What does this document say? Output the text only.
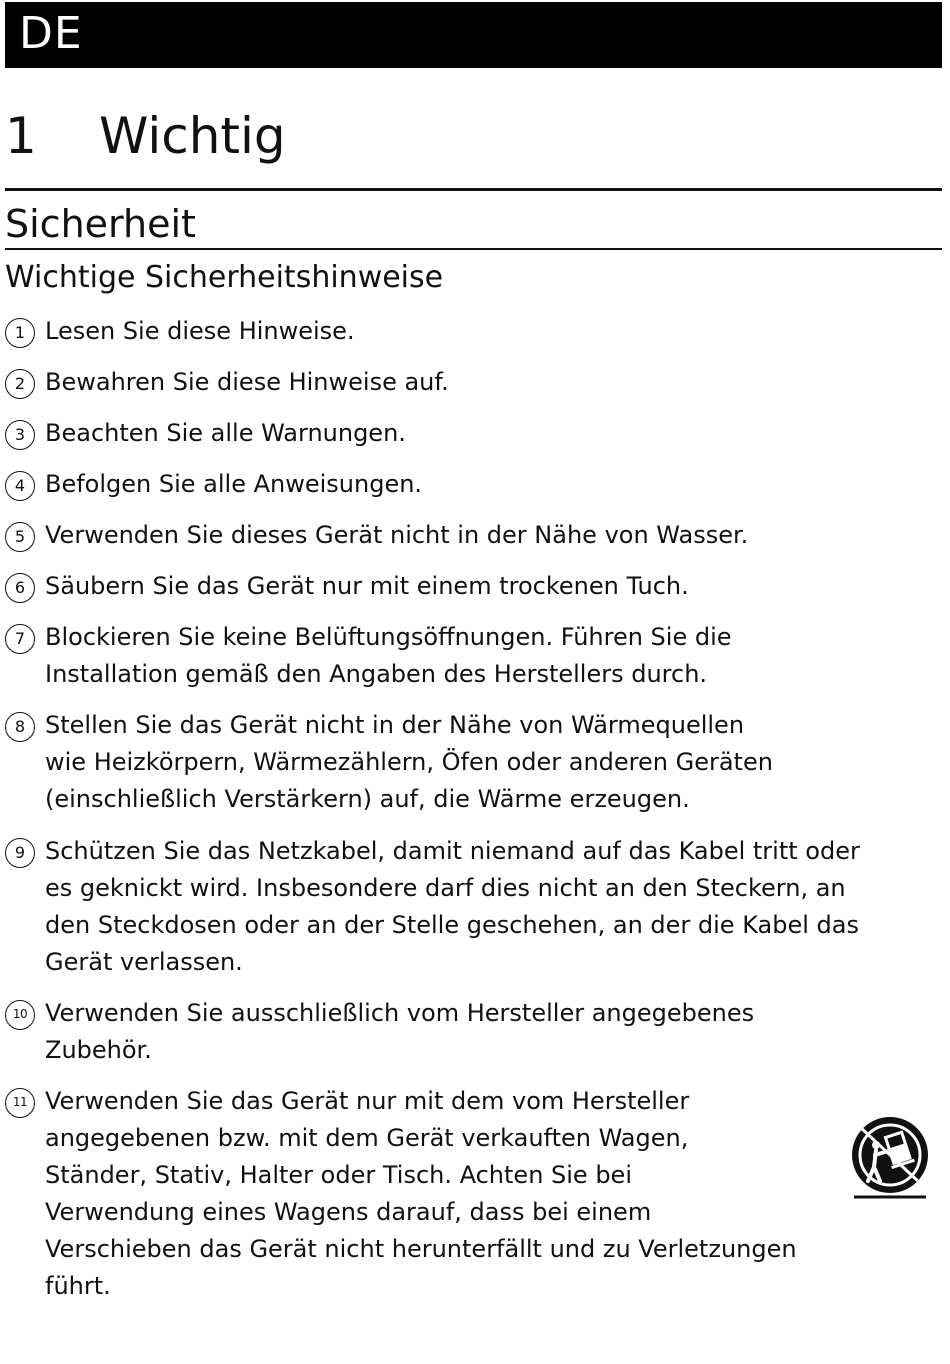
DE
1 Wichtig
Sicherheit
Wichtige Sicherheitshinweise
1 Lesen Sie diese Hinweise.
2 Bewahren Sie diese Hinweise auf.
3 Beachten Sie alle Warnungen.
4 Befolgen Sie alle Anweisungen.
5 Verwenden Sie dieses Gerät nicht in der Nähe von Wasser.
6 Säubern Sie das Gerät nur mit einem trockenen Tuch.
7 Blockieren Sie keine Belüftungsöffnungen. Führen Sie die
Installation gemäß den Angaben des Herstellers durch.
8 Stellen Sie das Gerät nicht in der Nähe von Wärmequellen
wie Heizkörpern, Wärmezählern, Öfen oder anderen Geräten
(einschließlich Verstärkern) auf, die Wärme erzeugen.
9 Schützen Sie das Netzkabel, damit niemand auf das Kabel tritt oder
es geknickt wird. Insbesondere darf dies nicht an den Steckern, an
den Steckdosen oder an der Stelle geschehen, an der die Kabel das
Gerät verlassen.
10 Verwenden Sie ausschließlich vom Hersteller angegebenes
Zubehör.
11 Verwenden Sie das Gerät nur mit dem vom Hersteller
angegebenen bzw. mit dem Gerät verkauften Wagen,
Ständer, Stativ, Halter oder Tisch. Achten Sie bei
Verwendung eines Wagens darauf, dass bei einem
Verschieben das Gerät nicht herunterfällt und zu Verletzungen
führt.
